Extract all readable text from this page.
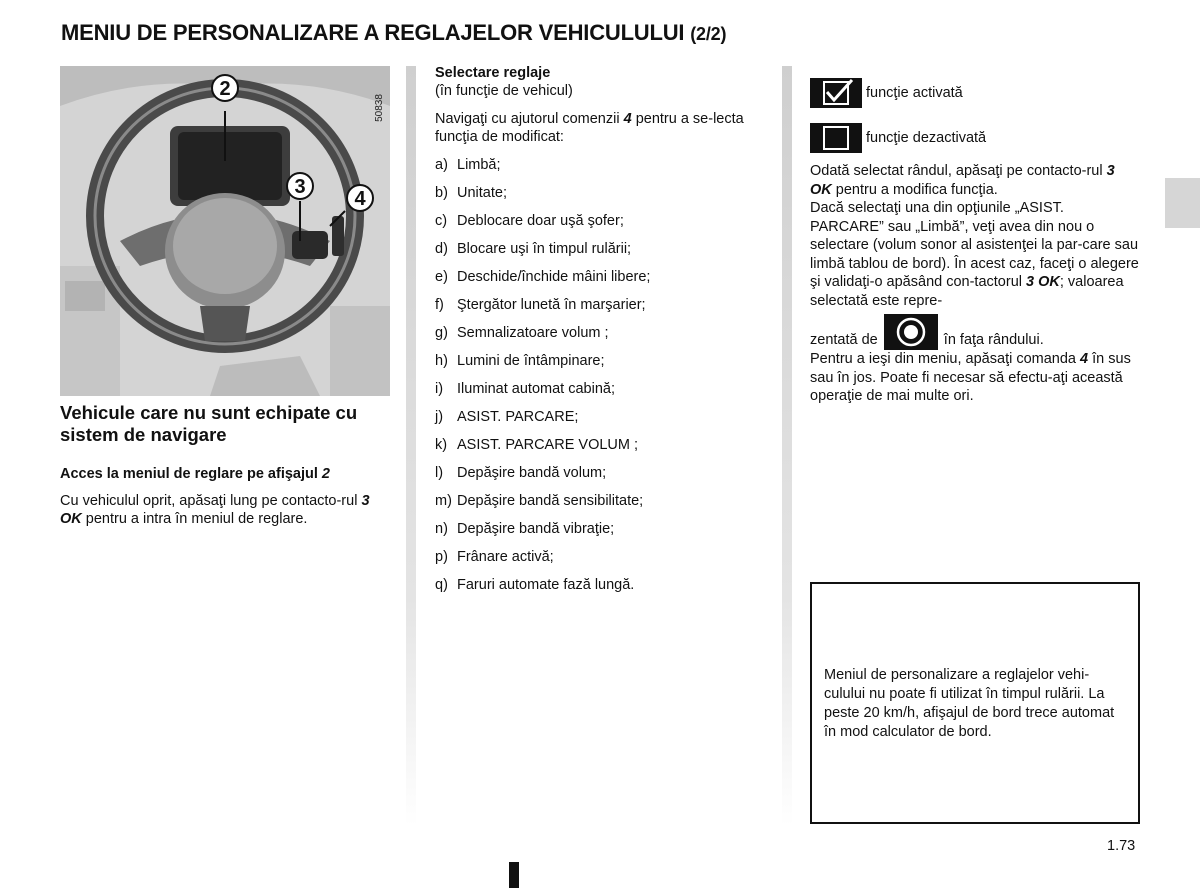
MENIU DE PERSONALIZARE A REGLAJELOR VEHICULULUI (2/2)
2
3
4
50838

Vehicule care nu sunt echipate cu sistem de navigare

Acces la meniul de reglare pe afişajul 2

Cu vehiculul oprit, apăsaţi lung pe contacto-rul 3 OK pentru a intra în meniul de reglare.

Selectare reglaje
(în funcţie de vehicul)
Navigaţi cu ajutorul comenzii 4 pentru a se-lecta funcţia de modificat:
a) Limbă;
b) Unitate;
c) Deblocare doar uşă şofer;
d) Blocare uşi în timpul rulării;
e) Deschide/închide mâini libere;
f) Ştergător lunetă în marşarier;
g) Semnalizatoare volum ;
h) Lumini de întâmpinare;
i) Iluminat automat cabină;
j) ASIST. PARCARE;
k) ASIST. PARCARE VOLUM ;
l) Depăşire bandă volum;
m) Depăşire bandă sensibilitate;
n) Depăşire bandă vibraţie;
p) Frânare activă;
q) Faruri automate fază lungă.
funcţie activată
funcţie dezactivată
Odată selectat rândul, apăsaţi pe contacto-rul 3 OK pentru a modifica funcţia.
Dacă selectaţi una din opţiunile „ASIST. PARCARE” sau „Limbă”, veţi avea din nou o selectare (volum sonor al asistenţei la par-care sau limbă tablou de bord). În acest caz, faceţi o alegere şi validaţi-o apăsând con-tactorul 3 OK; valoarea selectată este repre-
zentată de	în faţa rândului.
Pentru a ieşi din meniu, apăsaţi comanda 4 în sus sau în jos. Poate fi necesar să efectu-aţi această operaţie de mai multe ori.
Meniul de personalizare a reglajelor vehi-culului nu poate fi utilizat în timpul rulării. La peste 20 km/h, afişajul de bord trece automat în mod calculator de bord.
1.73
